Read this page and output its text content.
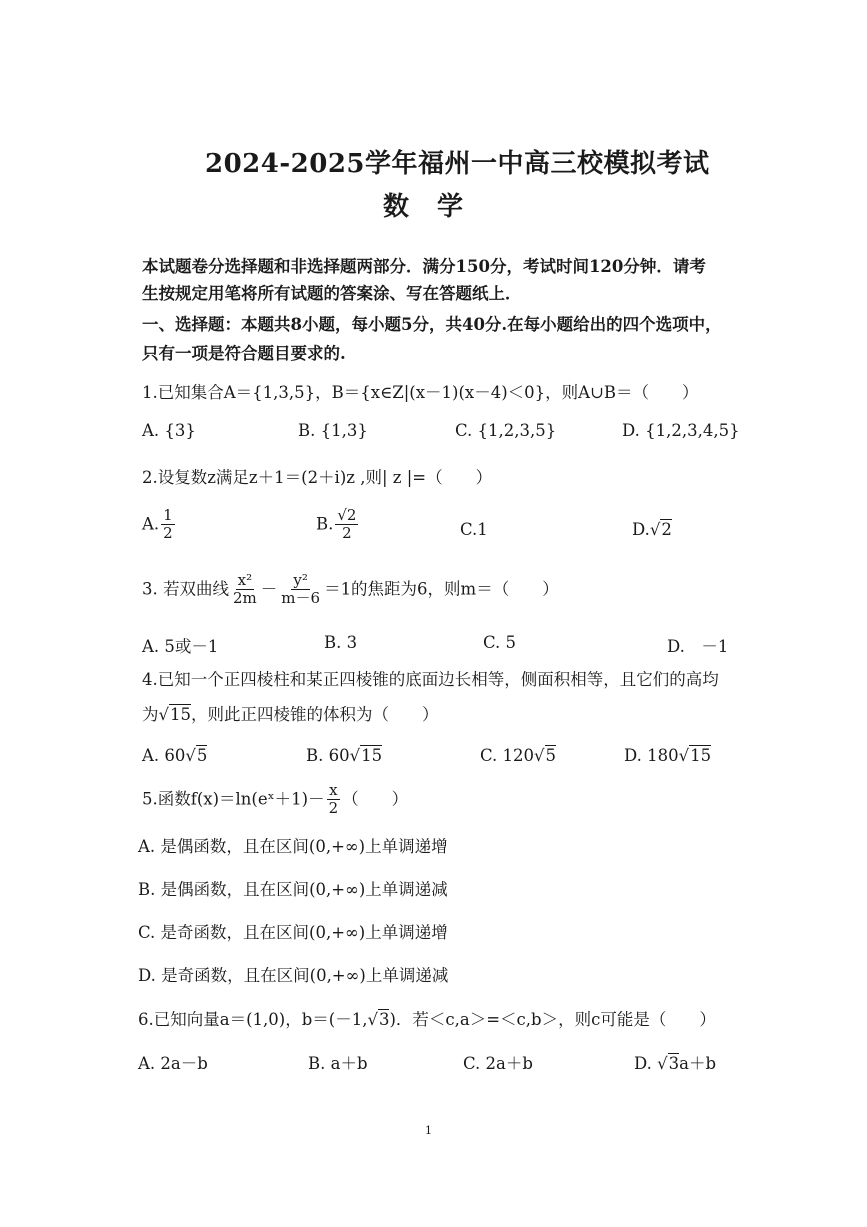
2024-2025学年福州一中高三校模拟考试
数学
本试题卷分选择题和非选择题两部分．满分150分，考试时间120分钟．请考
生按规定用笔将所有试题的答案涂、写在答题纸上．
一、选择题：本题共8小题，每小题5分，共40分.在每小题给出的四个选项中，
只有一项是符合题目要求的.
1.已知集合A＝{1,3,5}，B＝{x∈Z|(x－1)(x－4)＜0}，则A∪B＝（　　）
A. {3}	B. {1,3}	C. {1,2,3,5}	D. {1,2,3,4,5}
2.设复数z满足z＋1＝(2＋i)z ,则| z |=（　　）
A. $\frac{1}{2}$	B. $\frac{√2}{2}$	C.1	D.√2
3. 若双曲线 $\frac{\text{x²}}{2m} - \frac{\text{y²}}{m-6} =1$的焦距为6，则m＝（　　）
A. 5或－1	B. 3	C. 5	D.　－1
4.已知一个正四棱柱和某正四棱锥的底面边长相等，侧面积相等，且它们的高均
为√15，则此正四棱锥的体积为（　　）
A. 60√5	B. 60√15	C. 120√5	D. 180√15
5.函数f(x)＝ln(eˣ＋1)－ $\frac{x}{2}$ （　　）
A. 是偶函数，且在区间(0,+∞)上单调递增
B. 是偶函数，且在区间(0,+∞)上单调递减
C. 是奇函数，且在区间(0,+∞)上单调递增
D. 是奇函数，且在区间(0,+∞)上单调递减
6.已知向量a＝(1,0)，b＝(－1,√3)．若＜c,a＞=＜c,b＞，则c可能是（　　）
A. 2a－b	B. a＋b	C. 2a＋b	D. √3a＋b
1
